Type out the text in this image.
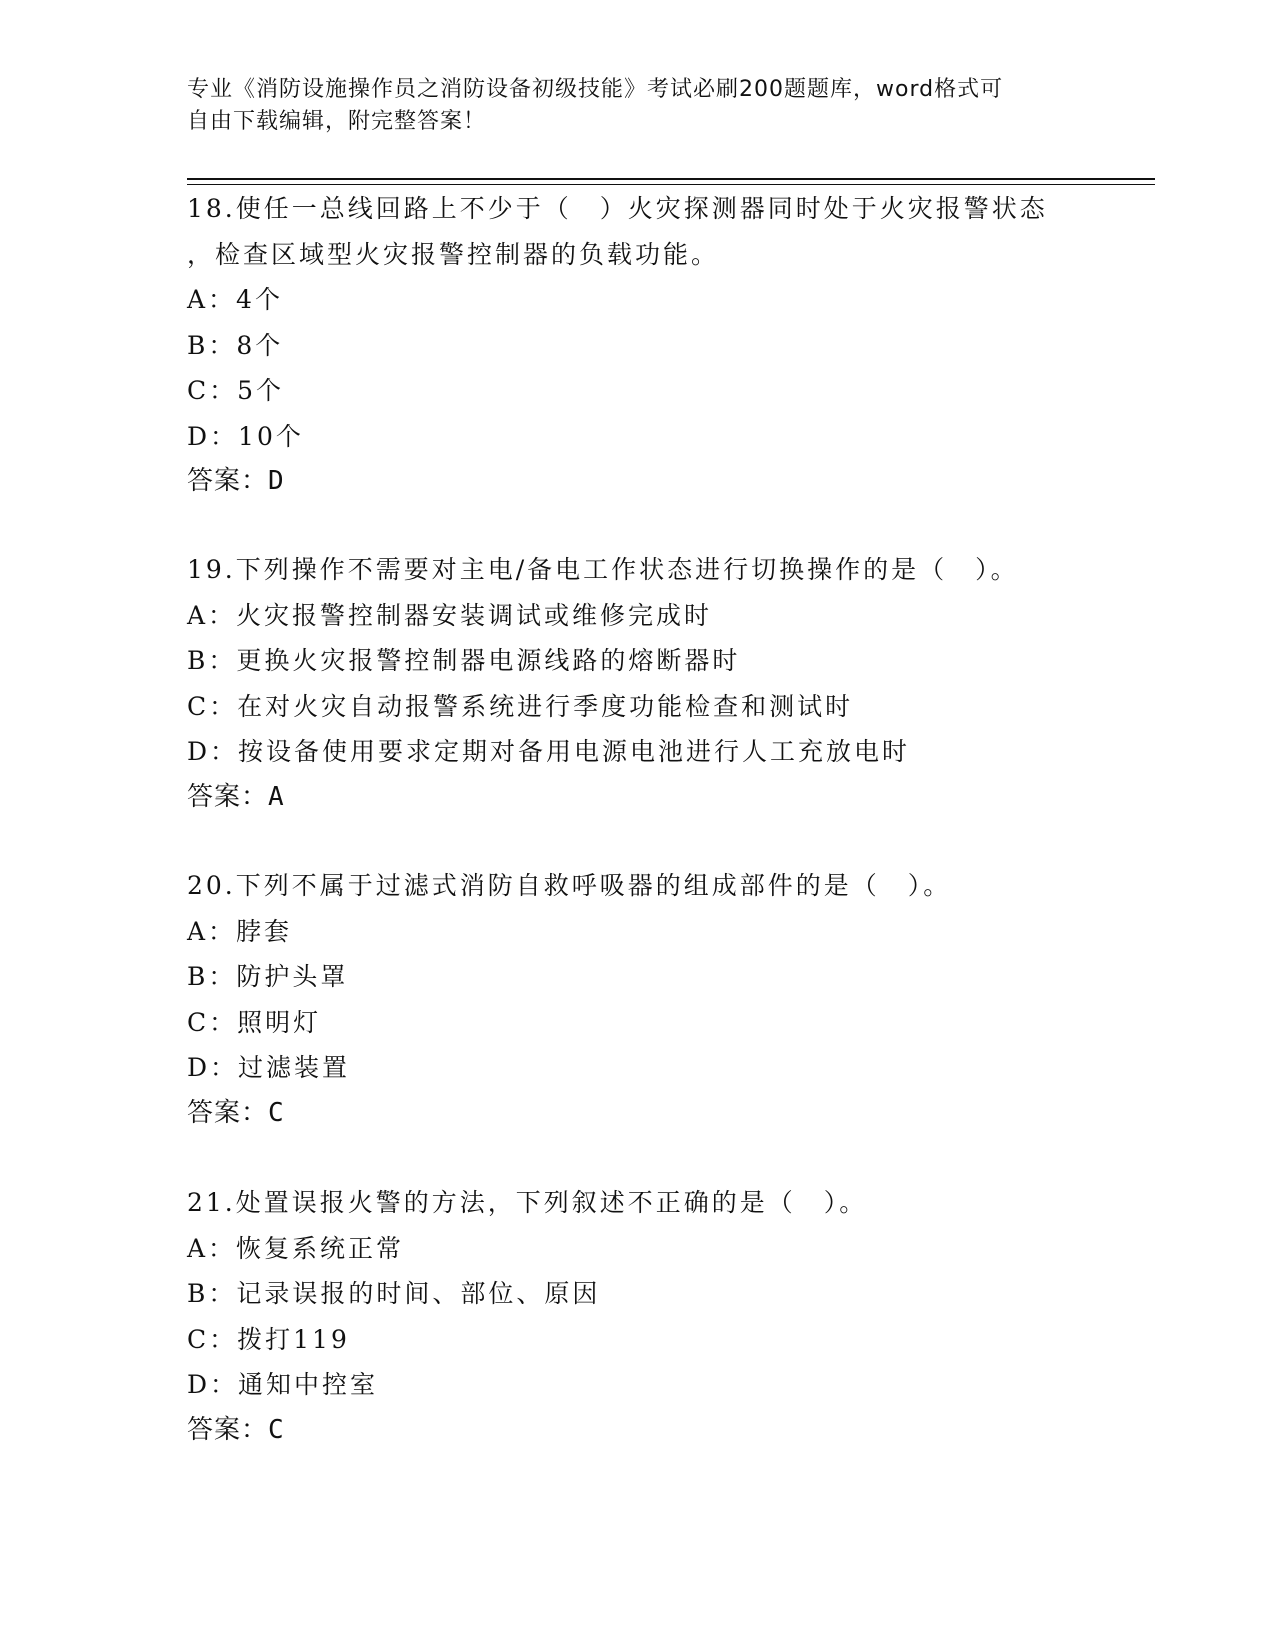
专业《消防设施操作员之消防设备初级技能》考试必刷200题题库，word格式可
自由下载编辑，附完整答案！
18.使任一总线回路上不少于（　）火灾探测器同时处于火灾报警状态
，检查区域型火灾报警控制器的负载功能。
A：4个
B：8个
C：5个
D：10个
答案：D
19.下列操作不需要对主电/备电工作状态进行切换操作的是（　）。
A：火灾报警控制器安装调试或维修完成时
B：更换火灾报警控制器电源线路的熔断器时
C：在对火灾自动报警系统进行季度功能检查和测试时
D：按设备使用要求定期对备用电源电池进行人工充放电时
答案：A
20.下列不属于过滤式消防自救呼吸器的组成部件的是（　）。
A：脖套
B：防护头罩
C：照明灯
D：过滤装置
答案：C
21.处置误报火警的方法，下列叙述不正确的是（　）。
A：恢复系统正常
B：记录误报的时间、部位、原因
C：拨打119
D：通知中控室
答案：C
